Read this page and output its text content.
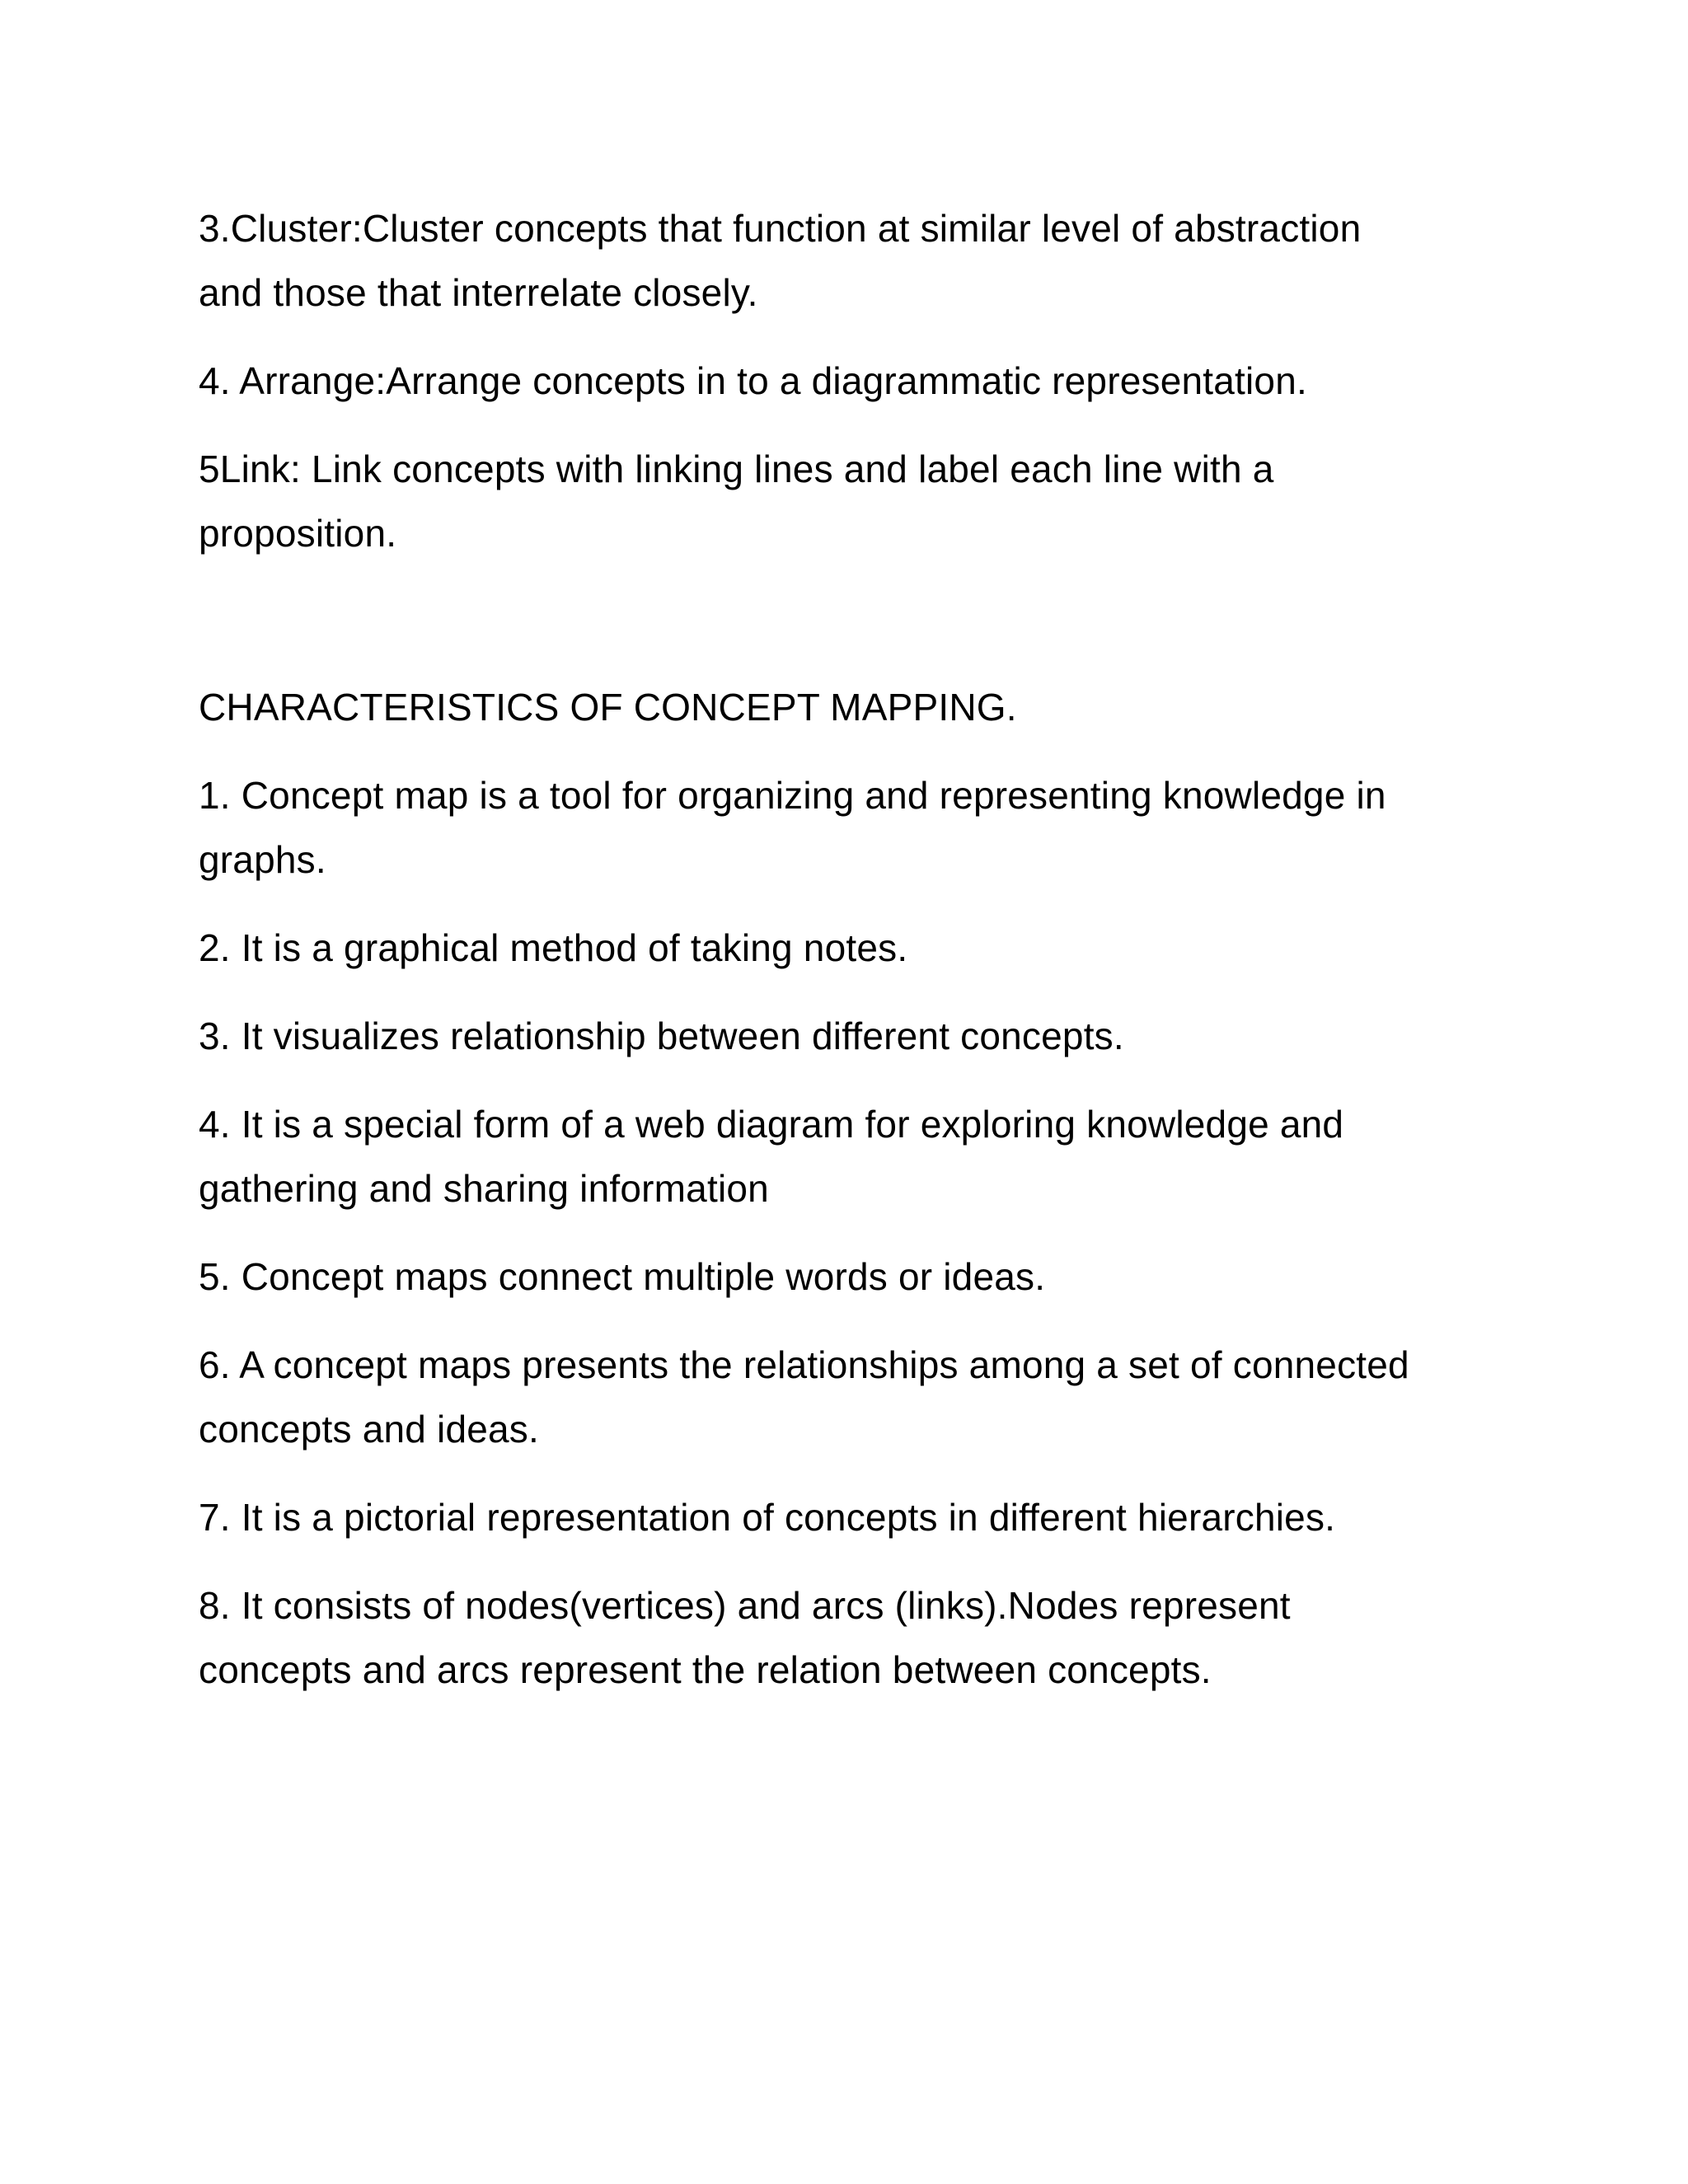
3.Cluster:Cluster concepts that function at similar level of abstraction
and those that interrelate closely.

4. Arrange:Arrange concepts in to a diagrammatic representation.

5Link: Link concepts with linking lines and label each line with a
proposition.

CHARACTERISTICS OF CONCEPT MAPPING.

1. Concept map is a tool for organizing and representing knowledge in
graphs.

2. It is a graphical method of taking notes.

3. It visualizes relationship between different concepts.

4. It is a special form of a web diagram for exploring knowledge and
gathering and sharing information

5. Concept maps connect multiple words or ideas.

6. A concept maps presents the relationships among a set of connected
concepts and ideas.

7. It is a pictorial representation of concepts in different hierarchies.

8. It consists of nodes(vertices) and arcs (links).Nodes represent
concepts and arcs represent the relation between concepts.
